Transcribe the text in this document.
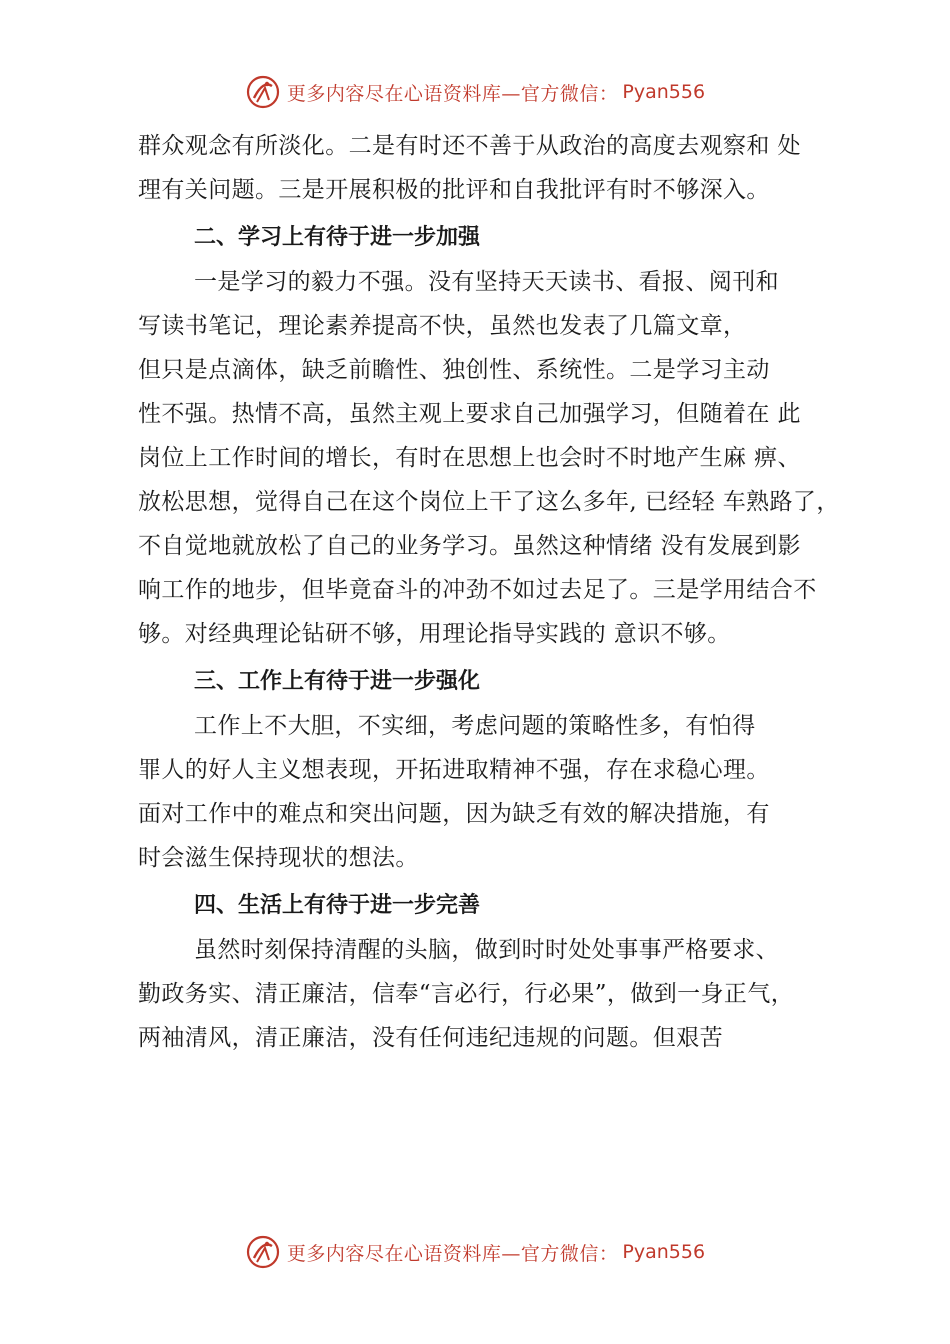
更多内容尽在心语资料库—官方微信： Pyan556
群众观念有所淡化。二是有时还不善于从政治的高度去观察和 处
理有关问题。三是开展积极的批评和自我批评有时不够深入。
二、学习上有待于进一步加强
一是学习的毅力不强。没有坚持天天读书、看报、阅刊和
写读书笔记，理论素养提高不快，虽然也发表了几篇文章，
但只是点滴体，缺乏前瞻性、独创性、系统性。二是学习主动
性不强。热情不高，虽然主观上要求自己加强学习，但随着在 此
岗位上工作时间的增长，有时在思想上也会时不时地产生麻 痹、
放松思想，觉得自己在这个岗位上干了这么多年, 已经轻 车熟路了，
不自觉地就放松了自己的业务学习。虽然这种情绪 没有发展到影
响工作的地步，但毕竟奋斗的冲劲不如过去足了。三是学用结合不
够。对经典理论钻研不够，用理论指导实践的 意识不够。
三、工作上有待于进一步强化
工作上不大胆，不实细，考虑问题的策略性多，有怕得
罪人的好人主义想表现，开拓进取精神不强，存在求稳心理。
面对工作中的难点和突出问题，因为缺乏有效的解决措施，有
时会滋生保持现状的想法。
四、生活上有待于进一步完善
虽然时刻保持清醒的头脑，做到时时处处事事严格要求、
勤政务实、清正廉洁，信奉“言必行，行必果”，做到一身正气，
两袖清风，清正廉洁，没有任何违纪违规的问题。但艰苦
更多内容尽在心语资料库—官方微信： Pyan556
